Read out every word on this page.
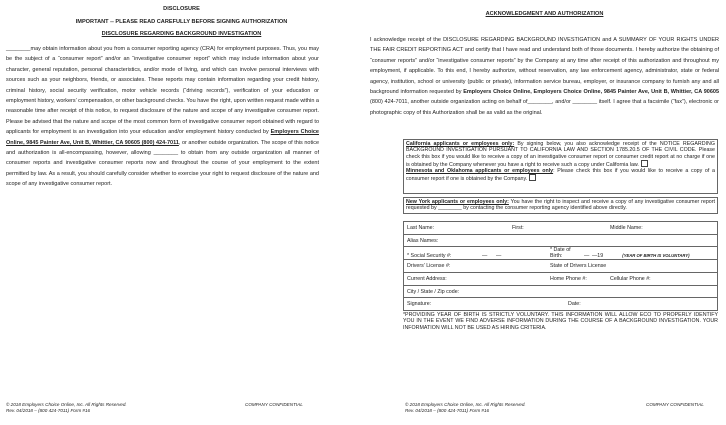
DISCLOSURE
IMPORTANT -- PLEASE READ CAREFULLY BEFORE SIGNING AUTHORIZATION
DISCLOSURE REGARDING BACKGROUND INVESTIGATION
________may obtain information about you from a consumer reporting agency (CRA) for employment purposes. Thus, you may be the subject of a “consumer report” and/or an “investigative consumer report” which may include information about your character, general reputation, personal characteristics, and/or mode of living, and which can involve personal interviews with sources such as your neighbors, friends, or associates. These reports may contain information regarding your credit history, criminal history, social security verification, motor vehicle records (“driving records”), verification of your education or employment history, workers’ compensation, or other background checks. You have the right, upon written request made within a reasonable time after receipt of this notice, to request disclosure of the nature and scope of any investigative consumer report. Please be advised that the nature and scope of the most common form of investigative consumer report obtained with regard to applicants for employment is an investigation into your education and/or employment history conducted by Employers Choice Online, 9845 Painter Ave, Unit B, Whittier, CA 90605 (800) 424-7011, or another outside organization. The scope of this notice and authorization is all-encompassing, however, allowing ________ to obtain from any outside organization all manner of consumer reports and investigative consumer reports now and throughout the course of your employment to the extent permitted by law. As a result, you should carefully consider whether to exercise your right to request disclosure of the nature and scope of any investigative consumer report.
© 2018 Employers Choice Online, Inc. All Rights Reserved.
Rev. 04/2018 – (800 424-7011) Form #16
COMPANY CONFIDENTIAL
ACKNOWLEDGMENT AND AUTHORIZATION
I acknowledge receipt of the DISCLOSURE REGARDING BACKGROUND INVESTIGATION and A SUMMARY OF YOUR RIGHTS UNDER THE FAIR CREDIT REPORTING ACT and certify that I have read and understand both of those documents. I hereby authorize the obtaining of “consumer reports” and/or “investigative consumer reports” by the Company at any time after receipt of this authorization and throughout my employment, if applicable. To this end, I hereby authorize, without reservation, any law enforcement agency, administrator, state or federal agency, institution, school or university (public or private), information service bureau, employer, or insurance company to furnish any and all background information requested by Employers Choice Online, Employers Choice Online, 9845 Painter Ave, Unit B, Whittier, CA 90605 (800) 424-7011, another outside organization acting on behalf of________, and/or ________ itself. I agree that a facsimile (“fax”), electronic or photographic copy of this Authorization shall be as valid as the original.
California applicants or employees only: By signing below, you also acknowledge receipt of the NOTICE REGARDING BACKGROUND INVESTIGATION PURSUANT TO CALIFORNIA LAW AND SECTION 1785.20.5 OF THE CIVIL CODE. Please check this box if you would like to receive a copy of an investigative consumer report or consumer credit report at no charge if one is obtained by the Company whenever you have a right to receive such a copy under California law.
Minnesota and Oklahoma applicants or employees only: Please check this box if you would like to receive a copy of a consumer report if one is obtained by the Company.
New York applicants or employees only: You have the right to inspect and receive a copy of any investigative consumer report requested by ________ by contacting the consumer reporting agency identified above directly.
Last Name:	First:	Middle Name:
Alias Names:
* Social Security #:	— —* Date of Birth:	— —19	(YEAR OF BIRTH IS VOLUNTARY)
Drivers’ License #:	State of Drivers License
Current Address:	Home Phone #:	Cellular Phone #:
City / State / Zip code:
Signature:	Date:
*PROVIDING YEAR OF BIRTH IS STRICTLY VOLUNTARY. THIS INFORMATION WILL ALLOW ECO TO PROPERLY IDENTIFY YOU IN THE EVENT WE FIND ADVERSE INFORMATION DURING THE COURSE OF A BACKGROUND INVESTIGATION. YOUR INFORMATION WILL NOT BE USED AS HIRING CRITERIA.
© 2018 Employers Choice Online, Inc. All Rights Reserved.
Rev. 04/2018 – (800 424-7011) Form #16
COMPANY CONFIDENTIAL
